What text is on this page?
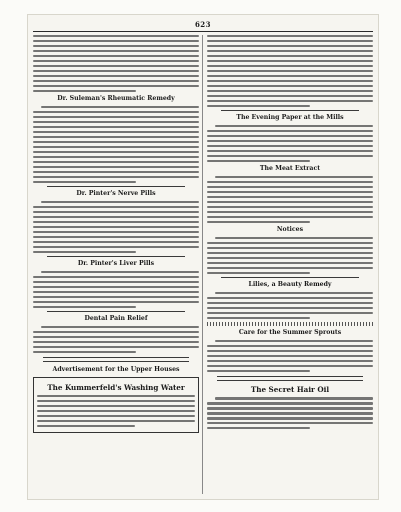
623
Dr. Suleman's Rheumatic Remedy
Dr. Pinter's Nerve Pills
Dr. Pinter's Liver Pills
Dental Pain Relief
Advertisement for the Upper Houses
The Kummerfeld's Washing Water
The Evening Paper at the Mills
The Meat Extract
Notices
Lilies, a Beauty Remedy
Care for the Summer Sprouts
The Secret Hair Oil
